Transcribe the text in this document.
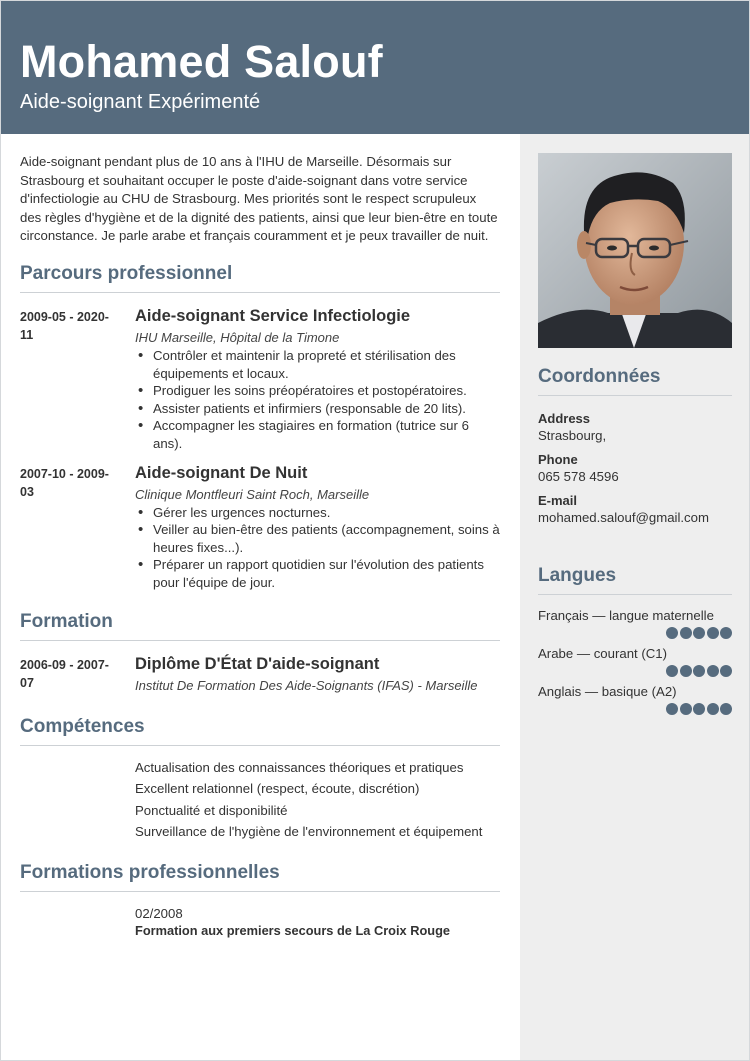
Mohamed Salouf
Aide-soignant Expérimenté

Aide-soignant pendant plus de 10 ans à l'IHU de Marseille. Désormais sur Strasbourg et souhaitant occuper le poste d'aide-soignant dans votre service d'infectiologie au CHU de Strasbourg. Mes priorités sont le respect scrupuleux des règles d'hygiène et de la dignité des patients, ainsi que leur bien-être en toute circonstance. Je parle arabe et français couramment et je peux travailler de nuit.

Parcours professionnel
2009-05 - 2020-11
Aide-soignant Service Infectiologie
IHU Marseille, Hôpital de la Timone
• Contrôler et maintenir la propreté et stérilisation des équipements et locaux.
• Prodiguer les soins préopératoires et postopératoires.
• Assister patients et infirmiers (responsable de 20 lits).
• Accompagner les stagiaires en formation (tutrice sur 6 ans).
2007-10 - 2009-03
Aide-soignant De Nuit
Clinique Montfleuri Saint Roch, Marseille
• Gérer les urgences nocturnes.
• Veiller au bien-être des patients (accompagnement, soins à heures fixes...).
• Préparer un rapport quotidien sur l'évolution des patients pour l'équipe de jour.
Formation
2006-09 - 2007-07
Diplôme D'État D'aide-soignant
Institut De Formation Des Aide-Soignants (IFAS) - Marseille
Compétences
Actualisation des connaissances théoriques et pratiques
Excellent relationnel (respect, écoute, discrétion)
Ponctualité et disponibilité
Surveillance de l'hygiène de l'environnement et équipement
Formations professionnelles
02/2008
Formation aux premiers secours de La Croix Rouge
Coordonnées
Address
Strasbourg,
Phone
065 578 4596
E-mail
mohamed.salouf@gmail.com
Langues
Français — langue maternelle
Arabe — courant (C1)
Anglais — basique (A2)
